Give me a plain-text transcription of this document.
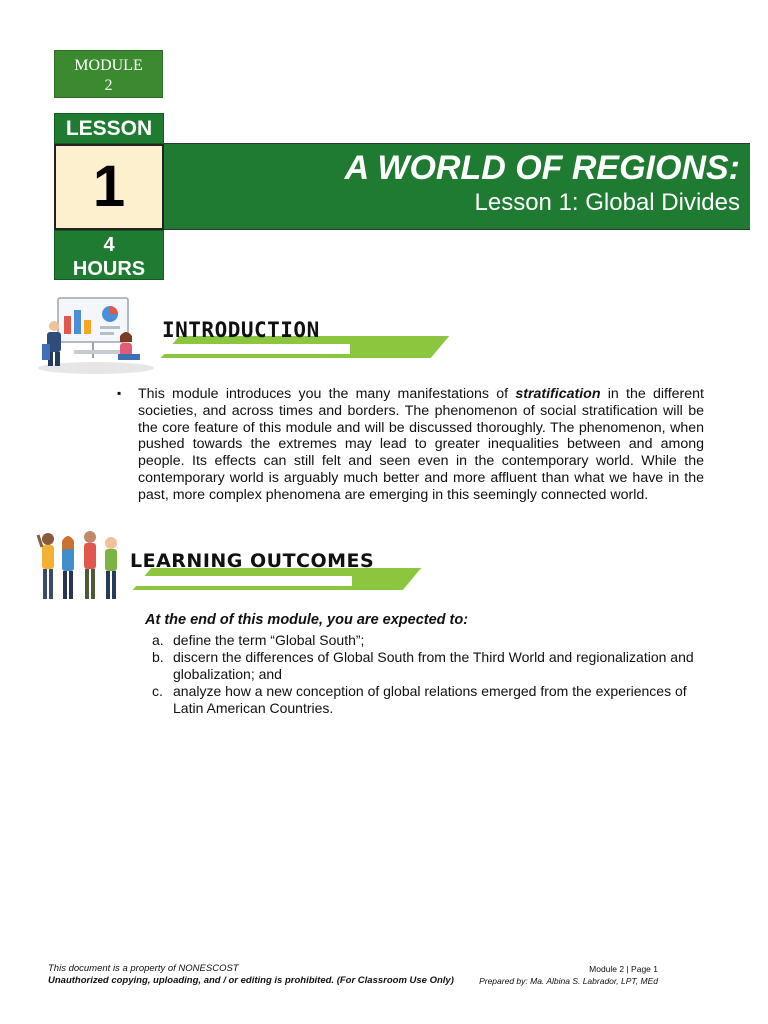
MODULE
2
LESSON
1
4
HOURS
A WORLD OF REGIONS:
Lesson 1: Global Divides
INTRODUCTION
▪ This module introduces you the many manifestations of stratification in the different societies, and across times and borders. The phenomenon of social stratification will be the core feature of this module and will be discussed thoroughly. The phenomenon, when pushed towards the extremes may lead to greater inequalities between and among people. Its effects can still felt and seen even in the contemporary world. While the contemporary world is arguably much better and more affluent than what we have in the past, more complex phenomena are emerging in this seemingly connected world.
LEARNING OUTCOMES
At the end of this module, you are expected to:
a. define the term “Global South”;
b. discern the differences of Global South from the Third World and regionalization and globalization; and
c. analyze how a new conception of global relations emerged from the experiences of Latin American Countries.
This document is a property of NONESCOST
Unauthorized copying, uploading, and / or editing is prohibited. (For Classroom Use Only)
Module 2 | Page 1
Prepared by: Ma. Albina S. Labrador, LPT, MEd
